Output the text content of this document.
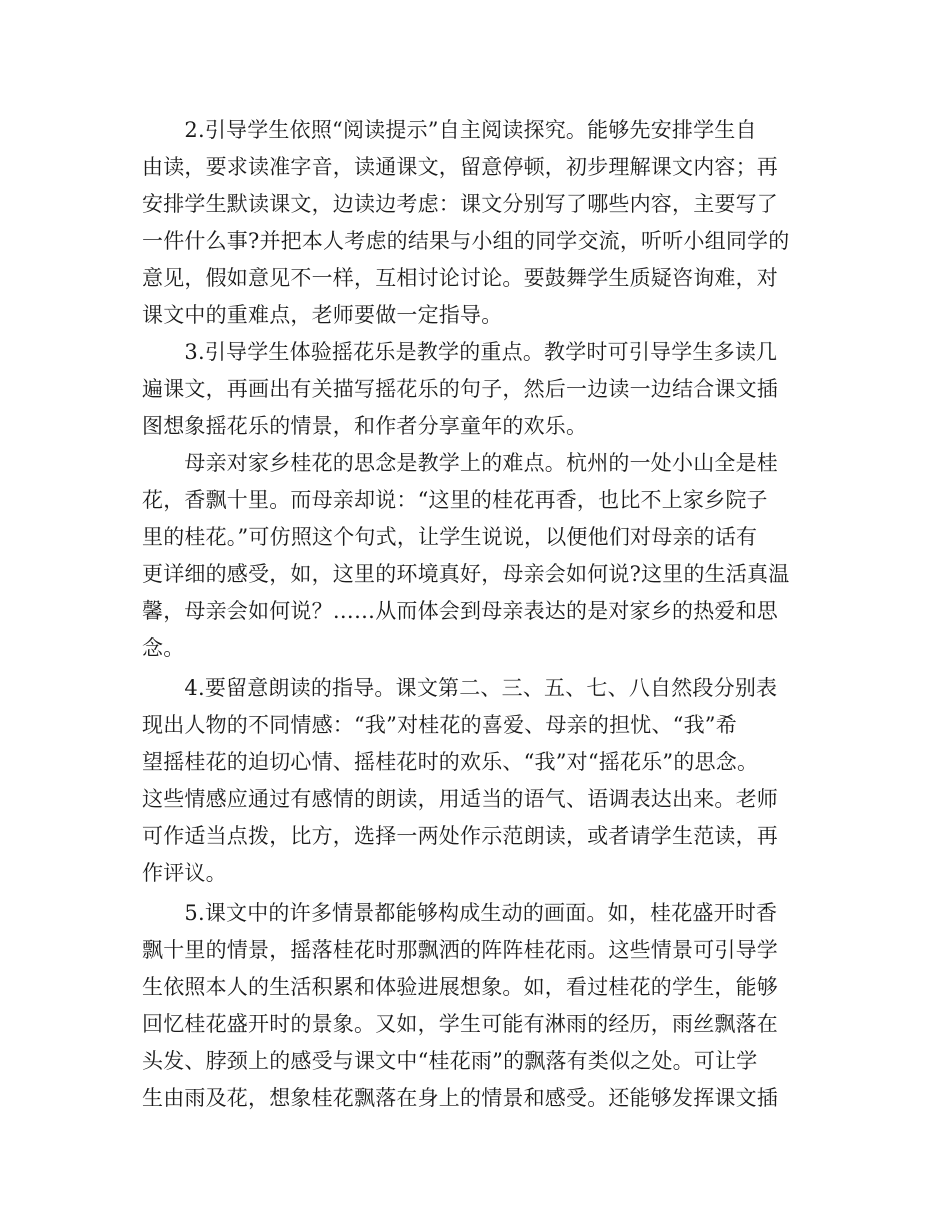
　　2.引导学生依照“阅读提示”自主阅读探究。能够先安排学生自
由读，要求读准字音，读通课文，留意停顿，初步理解课文内容；再
安排学生默读课文，边读边考虑：课文分别写了哪些内容，主要写了
一件什么事?并把本人考虑的结果与小组的同学交流，听听小组同学的
意见，假如意见不一样，互相讨论讨论。要鼓舞学生质疑咨询难，对
课文中的重难点，老师要做一定指导。
　　3.引导学生体验摇花乐是教学的重点。教学时可引导学生多读几
遍课文，再画出有关描写摇花乐的句子，然后一边读一边结合课文插
图想象摇花乐的情景，和作者分享童年的欢乐。
　　母亲对家乡桂花的思念是教学上的难点。杭州的一处小山全是桂
花，香飘十里。而母亲却说：“这里的桂花再香，也比不上家乡院子
里的桂花。”可仿照这个句式，让学生说说，以便他们对母亲的话有
更详细的感受，如，这里的环境真好，母亲会如何说?这里的生活真温
馨，母亲会如何说？……从而体会到母亲表达的是对家乡的热爱和思
念。
　　4.要留意朗读的指导。课文第二、三、五、七、八自然段分别表
现出人物的不同情感：“我”对桂花的喜爱、母亲的担忧、“我”希
望摇桂花的迫切心情、摇桂花时的欢乐、“我”对“摇花乐”的思念。
这些情感应通过有感情的朗读，用适当的语气、语调表达出来。老师
可作适当点拨，比方，选择一两处作示范朗读，或者请学生范读，再
作评议。
　　5.课文中的许多情景都能够构成生动的画面。如，桂花盛开时香
飘十里的情景，摇落桂花时那飘洒的阵阵桂花雨。这些情景可引导学
生依照本人的生活积累和体验进展想象。如，看过桂花的学生，能够
回忆桂花盛开时的景象。又如，学生可能有淋雨的经历，雨丝飘落在
头发、脖颈上的感受与课文中“桂花雨”的飘落有类似之处。可让学
生由雨及花，想象桂花飘落在身上的情景和感受。还能够发挥课文插
